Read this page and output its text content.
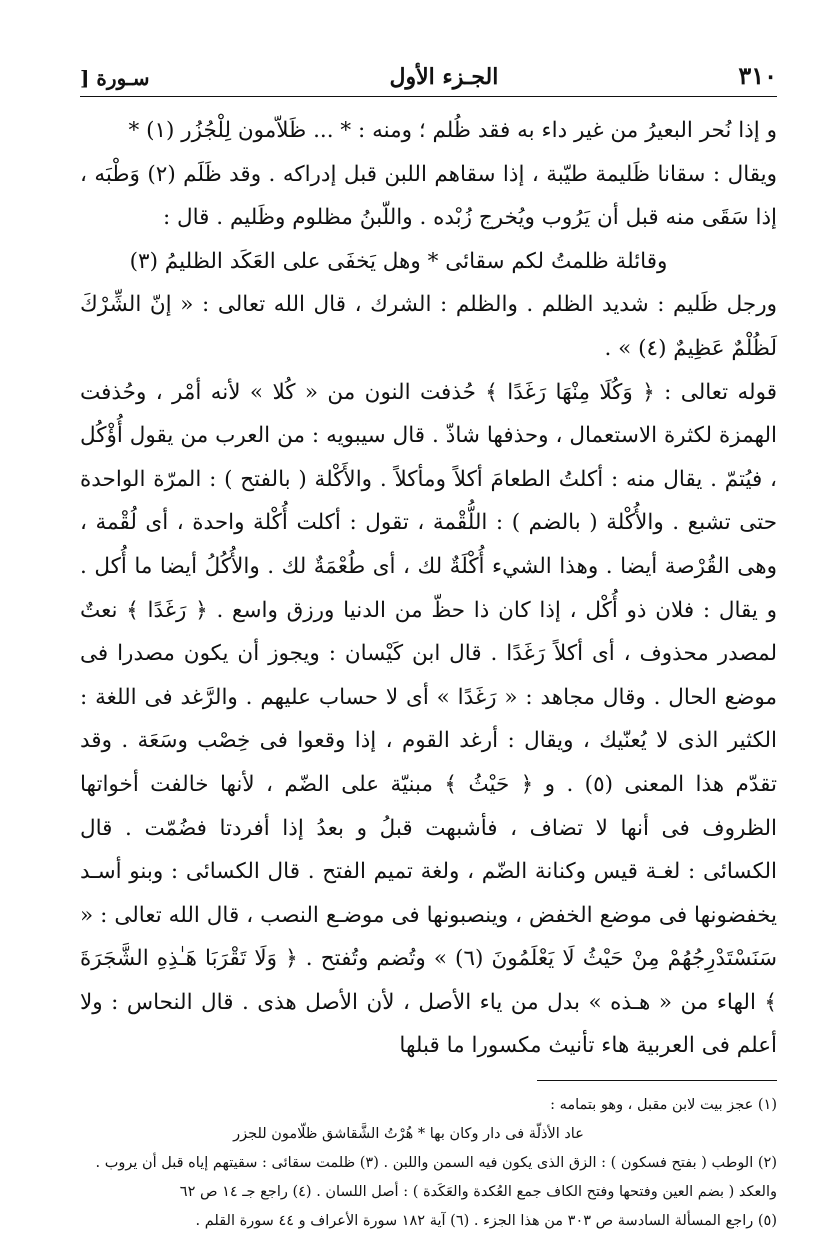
٣١٠
الجـزء الأول
سـورة [

و إذا نُحر البعيرُ من غير داء به فقد ظُلم ؛ ومنه : * ... ظَلاّمون لِلْجُزُر (١) *

ويقال : سقانا ظَليمة طيّبة ، إذا سقاهم اللبن قبل إدراكه . وقد ظَلَم (٢) وَطْبَه ، إذا سَقَى منه قبل أن يَرُوب ويُخرج زُبْده . واللّبنُ مظلوم وظَليم . قال :

وقائلة ظلمتُ لكم سقائى * وهل يَخفَى على العَكَد الظليمُ (٣)

ورجل ظَليم : شديد الظلم . والظلم : الشرك ، قال الله تعالى : « إنّ الشِّرْكَ لَظُلْمٌ عَظِيمٌ (٤) » .

قوله تعالى : ﴿ وَكُلَا مِنْهَا رَغَدًا ﴾ حُذفت النون من « كُلا » لأنه أمْر ، وحُذفت الهمزة لكثرة الاستعمال ، وحذفها شاذّ . قال سيبويه : من العرب من يقول أُؤْكُل ، فيُتمّ . يقال منه : أكلتُ الطعامَ أكلاً ومأكلاً . والأَكْلة ( بالفتح ) : المرّة الواحدة حتى تشبع . والأُكْلة ( بالضم ) : اللُّقْمة ، تقول : أكلت أُكْلة واحدة ، أى لُقْمة ، وهى القُرْصة أيضا . وهذا الشيء أُكْلَةٌ لك ، أى طُعْمَةٌ لك . والأُكُلُ أيضا ما أُكل . و يقال : فلان ذو أُكْل ، إذا كان ذا حظّ من الدنيا ورزق واسع . ﴿ رَغَدًا ﴾ نعتٌ لمصدر محذوف ، أى أكلاً رَغَدًا . قال ابن كَيْسان : ويجوز أن يكون مصدرا فى موضع الحال . وقال مجاهد : « رَغَدًا » أى لا حساب عليهم . والرَّغد فى اللغة : الكثير الذى لا يُعنّيك ، ويقال : أرغد القوم ، إذا وقعوا فى خِصْب وسَعَة . وقد تقدّم هذا المعنى (٥) . و ﴿ حَيْثُ ﴾ مبنيّة على الضّم ، لأنها خالفت أخواتها الظروف فى أنها لا تضاف ، فأشبهت قبلُ و بعدُ إذا أفردتا فضُمّت . قال الكسائى : لغـة قيس وكنانة الضّم ، ولغة تميم الفتح . قال الكسائى : وبنو أسـد يخفضونها فى موضع الخفض ، وينصبونها فى موضـع النصب ، قال الله تعالى : « سَنَسْتَدْرِجُهُمْ مِنْ حَيْثُ لَا يَعْلَمُونَ (٦) » وتُضم وتُفتح . ﴿ وَلَا تَقْرَبَا هَـٰذِهِ الشَّجَرَةَ ﴾ الهاء من « هـذه » بدل من ياء الأصل ، لأن الأصل هذى . قال النحاس : ولا أعلم فى العربية هاء تأنيث مكسورا ما قبلها

(١) عجز بيت لابن مقبل ، وهو بتمامه :

عاد الأذلّة فى دار وكان بها * هُرْتُ الشَّقاشق ظلّامون للجزر

(٢) الوطب ( بفتح فسكون ) : الزق الذى يكون فيه السمن واللبن . (٣) ظلمت سقائى : سقيتهم إياه قبل أن يروب . والعكد ( بضم العين وفتحها وفتح الكاف جمع العُكدة والعَكَدة ) : أصل اللسان . (٤) راجع جـ ١٤ ص ٦٢

(٥) راجع المسألة السادسة ص ٣٠٣ من هذا الجزء . (٦) آية ١٨٢ سورة الأعراف و ٤٤ سورة القلم .
